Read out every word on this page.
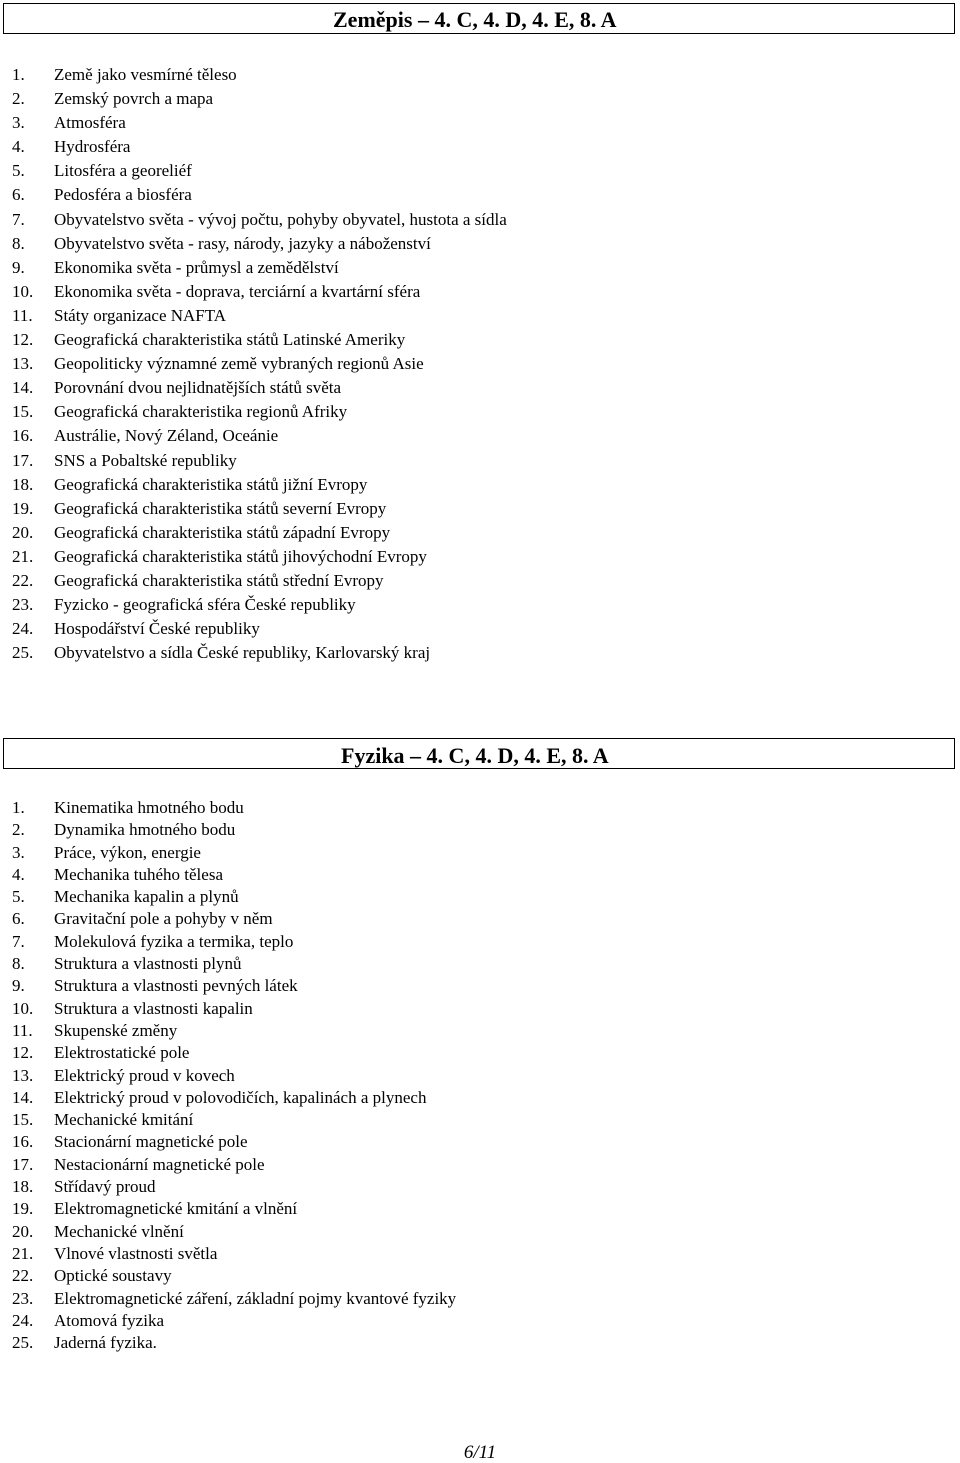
Zeměpis – 4. C, 4. D, 4. E, 8. A
1. Země jako vesmírné těleso
2. Zemský povrch a mapa
3. Atmosféra
4. Hydrosféra
5. Litosféra a georeliéf
6. Pedosféra a biosféra
7. Obyvatelstvo světa - vývoj počtu, pohyby obyvatel, hustota a sídla
8. Obyvatelstvo světa - rasy, národy, jazyky a náboženství
9. Ekonomika světa - průmysl a zemědělství
10. Ekonomika světa - doprava, terciární a kvartární sféra
11. Státy organizace NAFTA
12. Geografická charakteristika států Latinské Ameriky
13. Geopoliticky významné země vybraných regionů Asie
14. Porovnání dvou nejlidnatějších států světa
15. Geografická charakteristika regionů Afriky
16. Austrálie, Nový Zéland, Oceánie
17. SNS a Pobaltské republiky
18. Geografická charakteristika států jižní Evropy
19. Geografická charakteristika států severní Evropy
20. Geografická charakteristika států západní Evropy
21. Geografická charakteristika států jihovýchodní Evropy
22. Geografická charakteristika států střední Evropy
23. Fyzicko - geografická sféra České republiky
24. Hospodářství České republiky
25. Obyvatelstvo a sídla České republiky, Karlovarský kraj
Fyzika – 4. C, 4. D, 4. E, 8. A
1. Kinematika hmotného bodu
2. Dynamika hmotného bodu
3. Práce, výkon, energie
4. Mechanika tuhého tělesa
5. Mechanika kapalin a plynů
6. Gravitační pole a pohyby v něm
7. Molekulová fyzika a termika, teplo
8. Struktura a vlastnosti plynů
9. Struktura a vlastnosti pevných látek
10. Struktura a vlastnosti kapalin
11. Skupenské změny
12. Elektrostatické pole
13. Elektrický proud v kovech
14. Elektrický proud v polovodičích, kapalinách a plynech
15. Mechanické kmitání
16. Stacionární magnetické pole
17. Nestacionární magnetické pole
18. Střídavý proud
19. Elektromagnetické kmitání a vlnění
20. Mechanické vlnění
21. Vlnové vlastnosti světla
22. Optické soustavy
23. Elektromagnetické záření, základní pojmy kvantové fyziky
24. Atomová fyzika
25. Jaderná fyzika.
6/11
